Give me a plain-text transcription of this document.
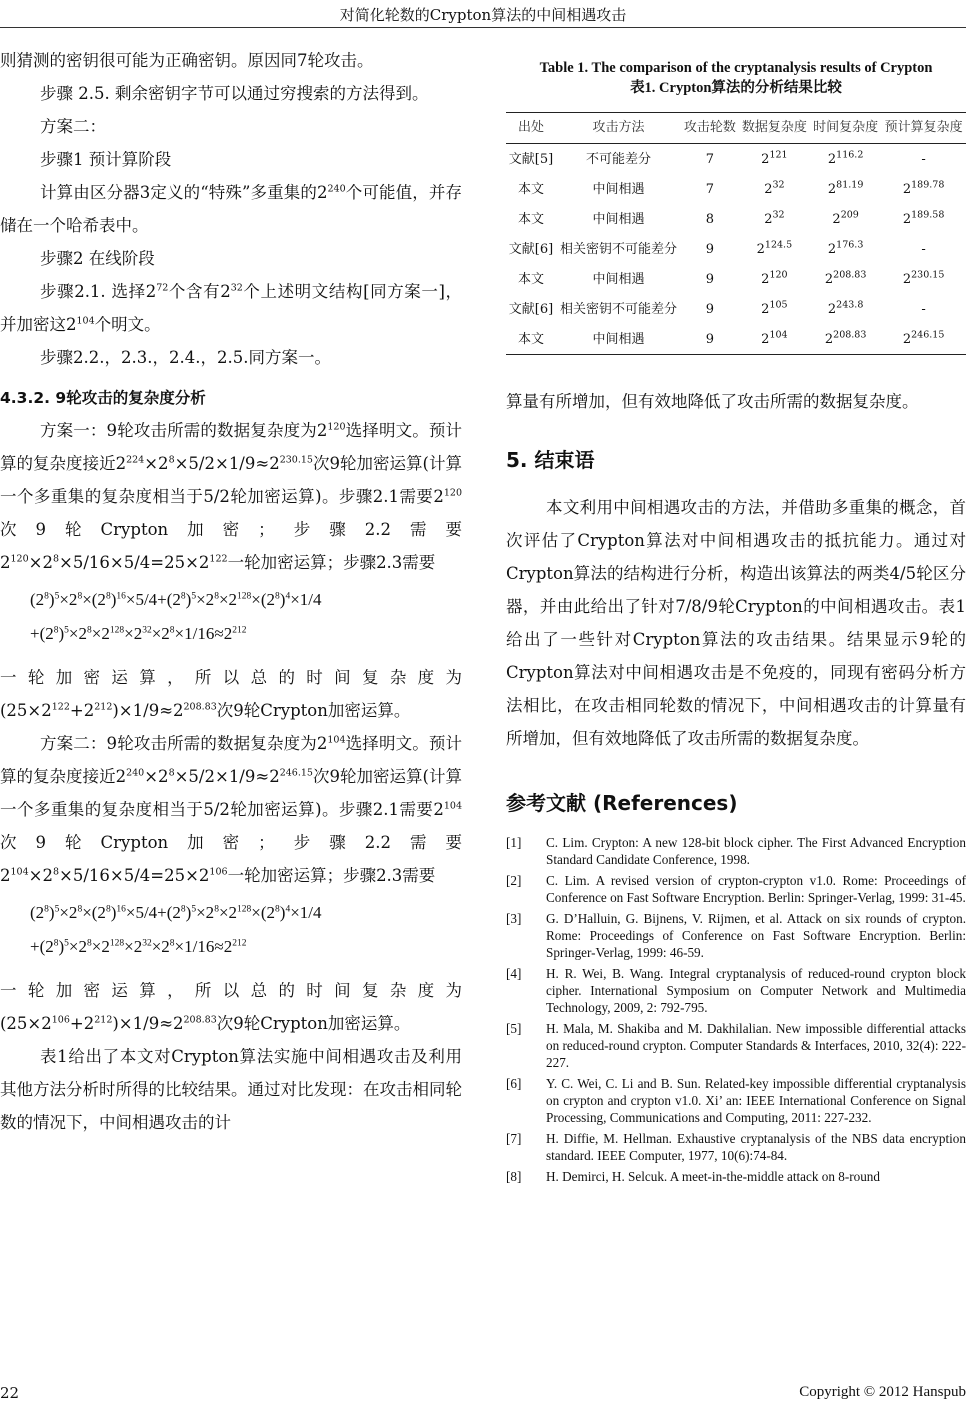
对简化轮数的Crypton算法的中间相遇攻击

则猜测的密钥很可能为正确密钥。原因同7轮攻击。

步骤 2.5. 剩余密钥字节可以通过穷搜索的方法得到。

方案二：

步骤1 预计算阶段

计算由区分器3定义的“特殊”多重集的$2^{240}$个可能值，并存储在一个哈希表中。

步骤2 在线阶段

步骤2.1. 选择$2^{72}$个含有$2^{32}$个上述明文结构[同方案一]，并加密这$2^{104}$个明文。

步骤2.2.，2.3.，2.4.，2.5.同方案一。

4.3.2. 9轮攻击的复杂度分析

方案一：9轮攻击所需的数据复杂度为$2^{120}$选择明文。预计算的复杂度接近$2^{224}\times 2^8\times 5/2\times 1/9\approx 2^{230.15}$次9轮加密运算(计算一个多重集的复杂度相当于5/2轮加密运算)。步骤2.1需要$2^{120}$次9轮Crypton加密；步骤2.2需要$2^{120}\times 2^8\times 5/16\times 5/4=25\times 2^{122}$一轮加密运算；步骤2.3需要

$(2^8)^5\times 2^8\times(2^8)^{16}\times 5/4+(2^8)^5\times 2^8\times 2^{128}\times(2^8)^4\times 1/4$
$+(2^8)^5\times 2^8\times 2^{128}\times 2^{32}\times 2^8\times 1/16\approx 2^{212}$

一轮加密运算，所以总的时间复杂度为$(25\times 2^{122}+2^{212})\times 1/9\approx 2^{208.83}$次9轮Crypton加密运算。

方案二：9轮攻击所需的数据复杂度为$2^{104}$选择明文。预计算的复杂度接近$2^{240}\times 2^8\times 5/2\times 1/9\approx 2^{246.15}$次9轮加密运算(计算一个多重集的复杂度相当于5/2轮加密运算)。步骤2.1需要$2^{104}$次9轮Crypton加密；步骤2.2需要$2^{104}\times 2^8\times 5/16\times 5/4=25\times 2^{106}$一轮加密运算；步骤2.3需要

$(2^8)^5\times 2^8\times(2^8)^{16}\times 5/4+(2^8)^5\times 2^8\times 2^{128}\times(2^8)^4\times 1/4$
$+(2^8)^5\times 2^8\times 2^{128}\times 2^{32}\times 2^8\times 1/16\approx 2^{212}$

一轮加密运算，所以总的时间复杂度为$(25\times 2^{106}+2^{212})\times 1/9\approx 2^{208.83}$次9轮Crypton加密运算。

表1给出了本文对Crypton算法实施中间相遇攻击及利用其他方法分析时所得的比较结果。通过对比发现：在攻击相同轮数的情况下，中间相遇攻击的计

Table 1. The comparison of the cryptanalysis results of Crypton
表1. Crypton算法的分析结果比较
出处	攻击方法	攻击轮数	数据复杂度	时间复杂度	预计算复杂度
文献[5]	不可能差分	7	$2^{121}$	$2^{116.2}$	-
本文	中间相遇	7	$2^{32}$	$2^{81.19}$	$2^{189.78}$
本文	中间相遇	8	$2^{32}$	$2^{209}$	$2^{189.58}$
文献[6]	相关密钥不可能差分	9	$2^{124.5}$	$2^{176.3}$	-
本文	中间相遇	9	$2^{120}$	$2^{208.83}$	$2^{230.15}$
文献[6]	相关密钥不可能差分	9	$2^{105}$	$2^{243.8}$	-
本文	中间相遇	9	$2^{104}$	$2^{208.83}$	$2^{246.15}$

算量有所增加，但有效地降低了攻击所需的数据复杂度。

5. 结束语

本文利用中间相遇攻击的方法，并借助多重集的概念，首次评估了Crypton算法对中间相遇攻击的抵抗能力。通过对Crypton算法的结构进行分析，构造出该算法的两类4/5轮区分器，并由此给出了针对7/8/9轮Crypton的中间相遇攻击。表1给出了一些针对Crypton算法的攻击结果。结果显示9轮的Crypton算法对中间相遇攻击是不免疫的，同现有密码分析方法相比，在攻击相同轮数的情况下，中间相遇攻击的计算量有所增加，但有效地降低了攻击所需的数据复杂度。

参考文献 (References)
[1]	C. Lim. Crypton: A new 128-bit block cipher. The First Advanced Encryption Standard Candidate Conference, 1998.
[2]	C. Lim. A revised version of crypton-crypton v1.0. Rome: Proceedings of Conference on Fast Software Encryption. Berlin: Springer-Verlag, 1999: 31-45.
[3]	G. D’Halluin, G. Bijnens, V. Rijmen, et al. Attack on six rounds of crypton. Rome: Proceedings of Conference on Fast Software Encryption. Berlin: Springer-Verlag, 1999: 46-59.
[4]	H. R. Wei, B. Wang. Integral cryptanalysis of reduced-round crypton block cipher. International Symposium on Computer Network and Multimedia Technology, 2009, 2: 792-795.
[5]	H. Mala, M. Shakiba and M. Dakhilalian. New impossible differential attacks on reduced-round crypton. Computer Standards & Interfaces, 2010, 32(4): 222-227.
[6]	Y. C. Wei, C. Li and B. Sun. Related-key impossible differential cryptanalysis on crypton and crypton v1.0. Xi’ an: IEEE International Conference on Signal Processing, Communications and Computing, 2011: 227-232.
[7]	H. Diffie, M. Hellman. Exhaustive cryptanalysis of the NBS data encryption standard. IEEE Computer, 1977, 10(6):74-84.
[8]	H. Demirci, H. Selcuk. A meet-in-the-middle attack on 8-round
22	Copyright © 2012 Hanspub
